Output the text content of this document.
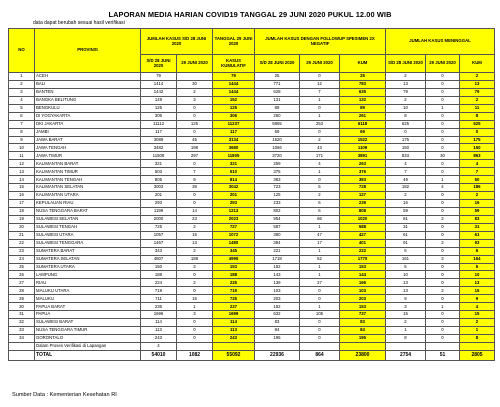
LAPORAN MEDIA HARIAN COVID19 TANGGAL 29 JUNI 2020 PUKUL 12.00 WIB
data dapat berubah sesuai hasil verifikasi
NO	PROVINSI	JUMLAH KASUS S/D 28 JUNI 2020		TANGGAL 29 JUNI 2020	JUMLAH KASUS DENGAN FOLLOWUP SPESIMEN 2X NEGATIF			JUMLAH KASUS MENINGGAL		
		S/D 28 JUNI 2020	29 JUNI 2020	KASUS KUMULATIF	S/D 28 JUNI 2020	29 JUNI 2020	KUM	S/D 28 JUNI 2020	29 JUNI 2020	KUM
1	ACEH	79		79	25	0	25	2	0	2
2	BALI	1414	30	1444	771	12	783	13	0	13
3	BANTEN	1442	2	1444	628	7	635	79	0	79
4	BANGKA BELITUNG	149	3	152	131	1	132	2	0	2
5	BENGKULU	125	0	125	89	0	89	10	1	11
6	DI YOGYAKARTA	306	0	306	260	1	261	8	0	8
7	DKI JAKARTA	11112	125	11237	5865	253	6118	625	0	625
8	JAMBI	117	0	117	69	0	69	0	0	0
9	JAWA BARAT	3089	45	3134	1520	2	1522	175	0	175
10	JAWA TENGAH	3482	198	3680	1066	43	1109	150	0	150
11	JAWA TIMUR	11508	297	11805	3720	171	3891	833	30	863
12	KALIMANTAN BARAT	321	0	321	259	4	263	4	0	4
13	KALIMANTAN TIMUR	503	7	510	375	1	376	7	0	7
14	KALIMANTAN TENGAH	805	9	814	383	0	383	49	1	50
15	KALIMANTAN SELATAN	3003	39	3042	723	5	728	182	4	186
16	KALIMANTAN UTARA	201	0	201	125	2	127	2	0	2
17	KEPULAUAN RIAU	293	0	293	233	6	239	16	0	16
18	NUSA TENGGARA BARAT	1199	14	1213	802	6	808	59	0	59
19	SULAWESI SELATAN	2000	23	2023	954	66	1020	81	2	83
20	SULAWESI TENGAH	725	2	727	587	1	588	31	0	31
21	SULAWESI UTARA	1057	15	1072	380	47	427	61	0	61
22	SULAWESI TENGGARA	1467	13	1480	384	17	401	91	2	93
23	SUMATERA BARAT	343	2	345	221	1	222	6	0	6
24	SUMATERA SELATAN	4807	188	4995	1718	52	1770	161	3	164
25	SUMATERA UTARA	150	3	153	152	1	153	5	0	5
26	LAMPUNG	188	0	188	143	1	144	10	0	10
27	RIAU	224	2	226	139	27	166	13	0	13
28	MALUKU UTARA	719	0	719	103	0	103	13	2	15
29	MALUKU	711	15	726	203	0	203	9	0	9
30	PAPUA BARAT	236	1	237	152	1	153	3	1	4
31	PAPUA	1696	3	1699	632	105	737	15	0	15
32	SULAWESI BARAT	114	0	114	83	0	83	2	0	2
33	NUSA TENGGARA TIMUR	113	0	113	84	0	84	1	0	1
34	GORONTALO	243	0	243	195	0	195	8	0	8
	Dalam Proses Verifikasi di Lapangan	4								
	TOTAL	54010	1082	55092	22936	864	23800	2754	51	2805
Sumber Data : Kementerian Kesehatan RI
